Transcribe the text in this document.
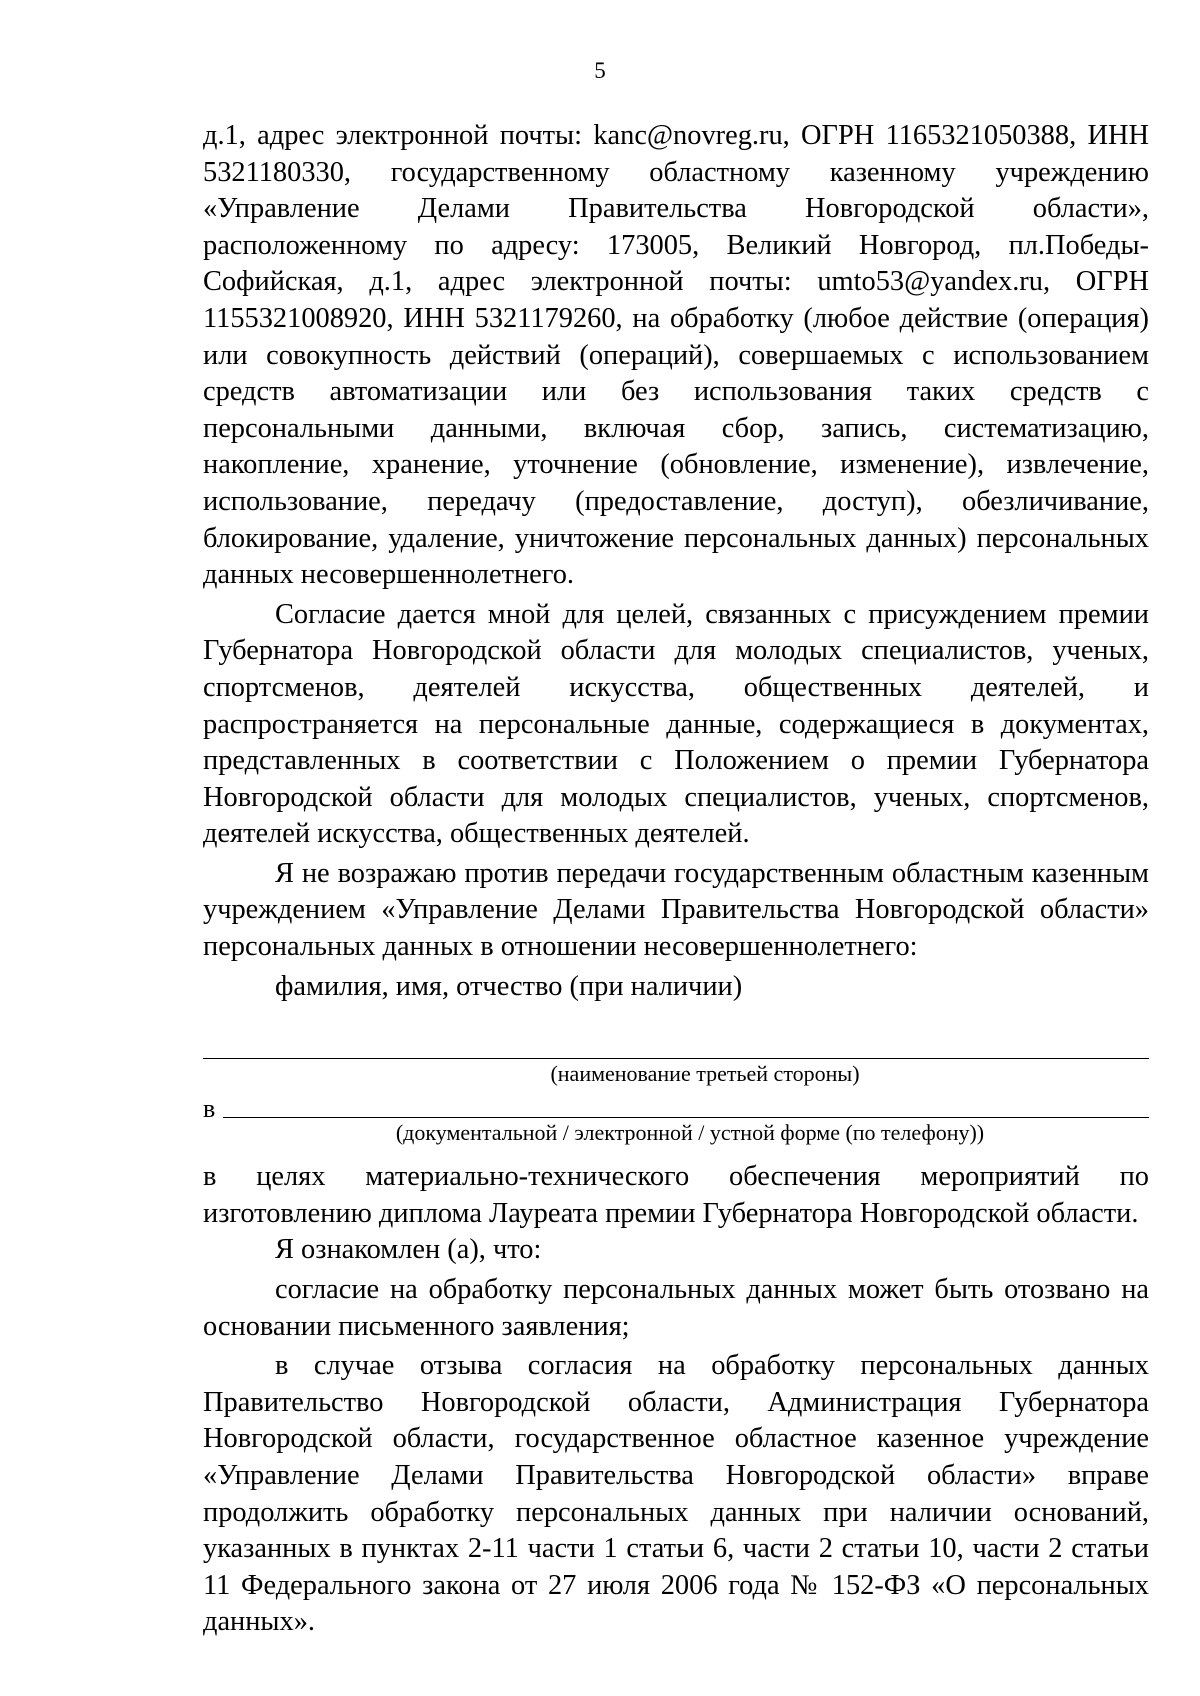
5

д.1, адрес электронной почты: kanc@novreg.ru, ОГРН 1165321050388, ИНН 5321180330, государственному областному казенному учреждению «Управление Делами Правительства Новгородской области», расположенному по адресу: 173005, Великий Новгород, пл.Победы-Софийская, д.1, адрес электронной почты: umto53@yandex.ru, ОГРН 1155321008920, ИНН 5321179260, на обработку (любое действие (операция) или совокупность действий (операций), совершаемых с использованием средств автоматизации или без использования таких средств с персональными данными, включая сбор, запись, систематизацию, накопление, хранение, уточнение (обновление, изменение), извлечение, использование, передачу (предоставление, доступ), обезличивание, блокирование, удаление, уничтожение персональных данных) персональных данных несовершеннолетнего.

Согласие дается мной для целей, связанных с присуждением премии Губернатора Новгородской области для молодых специалистов, ученых, спортсменов, деятелей искусства, общественных деятелей, и распространяется на персональные данные, содержащиеся в документах, представленных в соответствии с Положением о премии Губернатора Новгородской области для молодых специалистов, ученых, спортсменов, деятелей искусства, общественных деятелей.

Я не возражаю против передачи государственным областным казенным учреждением «Управление Делами Правительства Новгородской области» персональных данных в отношении несовершеннолетнего:

фамилия, имя, отчество (при наличии)

(наименование третьей стороны)

в

(документальной / электронной / устной форме (по телефону))

в целях материально-технического обеспечения мероприятий по изготовлению диплома Лауреата премии Губернатора Новгородской области.

Я ознакомлен (а), что:

согласие на обработку персональных данных может быть отозвано на основании письменного заявления;

в случае отзыва согласия на обработку персональных данных Правительство Новгородской области, Администрация Губернатора Новгородской области, государственное областное казенное учреждение «Управление Делами Правительства Новгородской области» вправе продолжить обработку персональных данных при наличии оснований, указанных в пунктах 2-11 части 1 статьи 6, части 2 статьи 10, части 2 статьи 11 Федерального закона от 27 июля 2006 года № 152-ФЗ «О персональных данных».
